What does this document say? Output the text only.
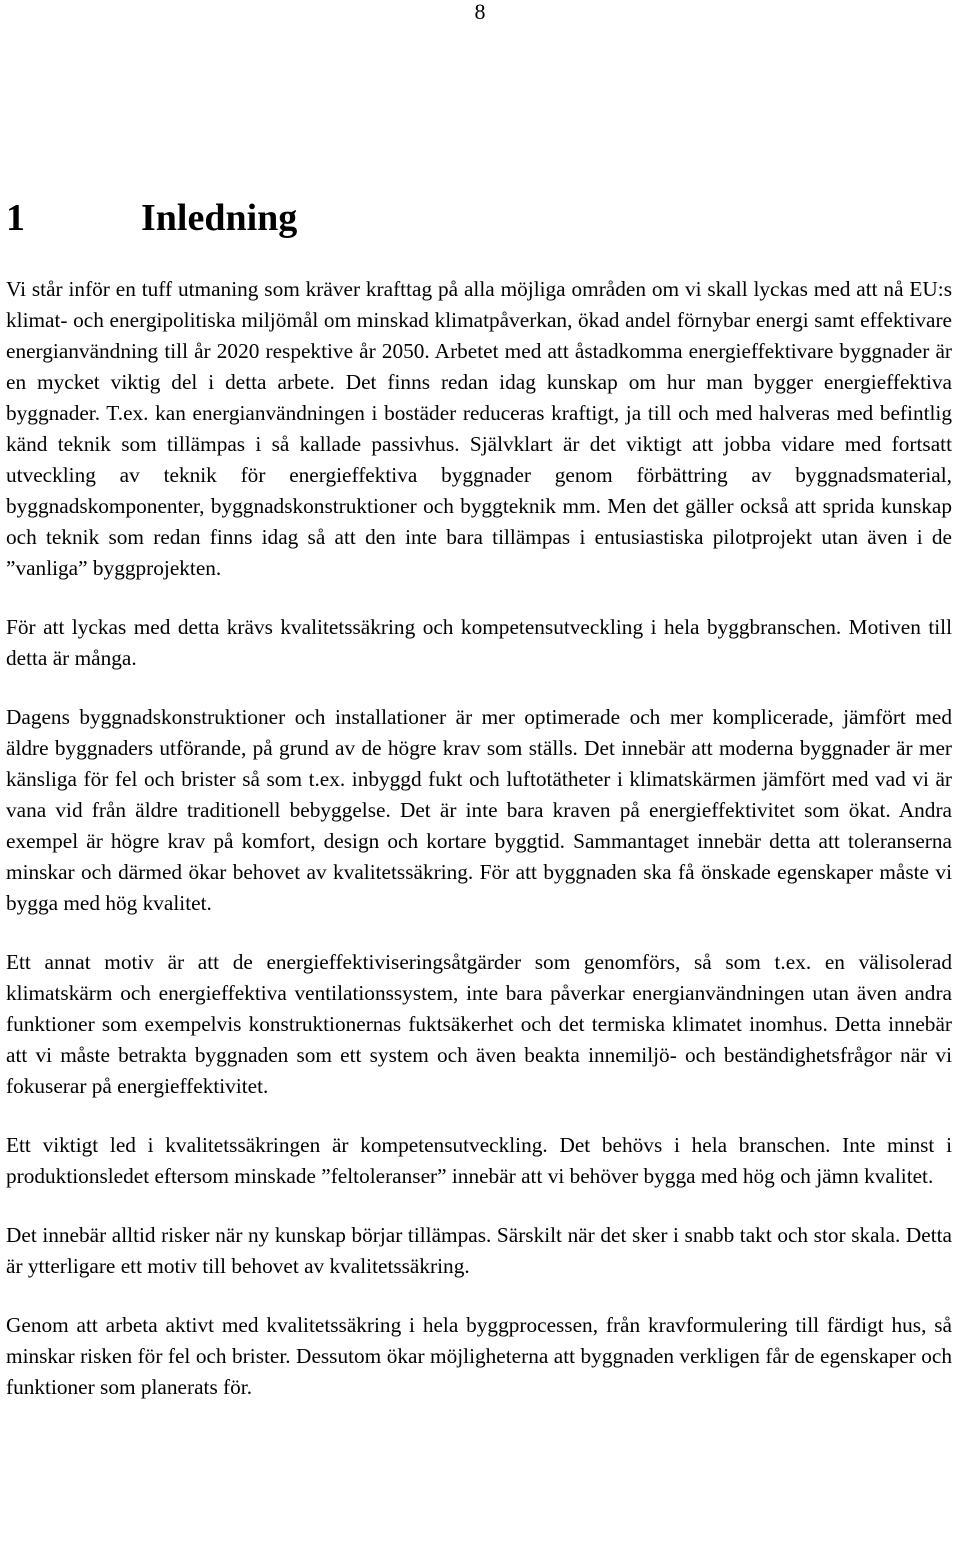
8
1	Inledning

Vi står inför en tuff utmaning som kräver krafttag på alla möjliga områden om vi skall lyckas med att nå EU:s klimat- och energipolitiska miljömål om minskad klimatpåverkan, ökad andel förnybar energi samt effektivare energianvändning till år 2020 respektive år 2050. Arbetet med att åstadkomma energieffektivare byggnader är en mycket viktig del i detta arbete. Det finns redan idag kunskap om hur man bygger energieffektiva byggnader. T.ex. kan energianvändningen i bostäder reduceras kraftigt, ja till och med halveras med befintlig känd teknik som tillämpas i så kallade passivhus. Självklart är det viktigt att jobba vidare med fortsatt utveckling av teknik för energieffektiva byggnader genom förbättring av byggnadsmaterial, byggnadskomponenter, byggnadskonstruktioner och byggteknik mm. Men det gäller också att sprida kunskap och teknik som redan finns idag så att den inte bara tillämpas i entusiastiska pilotprojekt utan även i de ”vanliga” byggprojekten.

För att lyckas med detta krävs kvalitetssäkring och kompetensutveckling i hela byggbranschen. Motiven till detta är många.

Dagens byggnadskonstruktioner och installationer är mer optimerade och mer komplicerade, jämfört med äldre byggnaders utförande, på grund av de högre krav som ställs. Det innebär att moderna byggnader är mer känsliga för fel och brister så som t.ex. inbyggd fukt och luftotätheter i klimatskärmen jämfört med vad vi är vana vid från äldre traditionell bebyggelse. Det är inte bara kraven på energieffektivitet som ökat. Andra exempel är högre krav på komfort, design och kortare byggtid. Sammantaget innebär detta att toleranserna minskar och därmed ökar behovet av kvalitetssäkring. För att byggnaden ska få önskade egenskaper måste vi bygga med hög kvalitet.

Ett annat motiv är att de energieffektiviseringsåtgärder som genomförs, så som t.ex. en välisolerad klimatskärm och energieffektiva ventilationssystem, inte bara påverkar energianvändningen utan även andra funktioner som exempelvis konstruktionernas fuktsäkerhet och det termiska klimatet inomhus. Detta innebär att vi måste betrakta byggnaden som ett system och även beakta innemiljö- och beständighetsfrågor när vi fokuserar på energieffektivitet.

Ett viktigt led i kvalitetssäkringen är kompetensutveckling. Det behövs i hela branschen. Inte minst i produktionsledet eftersom minskade ”feltoleranser” innebär att vi behöver bygga med hög och jämn kvalitet.

Det innebär alltid risker när ny kunskap börjar tillämpas. Särskilt när det sker i snabb takt och stor skala. Detta är ytterligare ett motiv till behovet av kvalitetssäkring.

Genom att arbeta aktivt med kvalitetssäkring i hela byggprocessen, från kravformulering till färdigt hus, så minskar risken för fel och brister. Dessutom ökar möjligheterna att byggnaden verkligen får de egenskaper och funktioner som planerats för.
